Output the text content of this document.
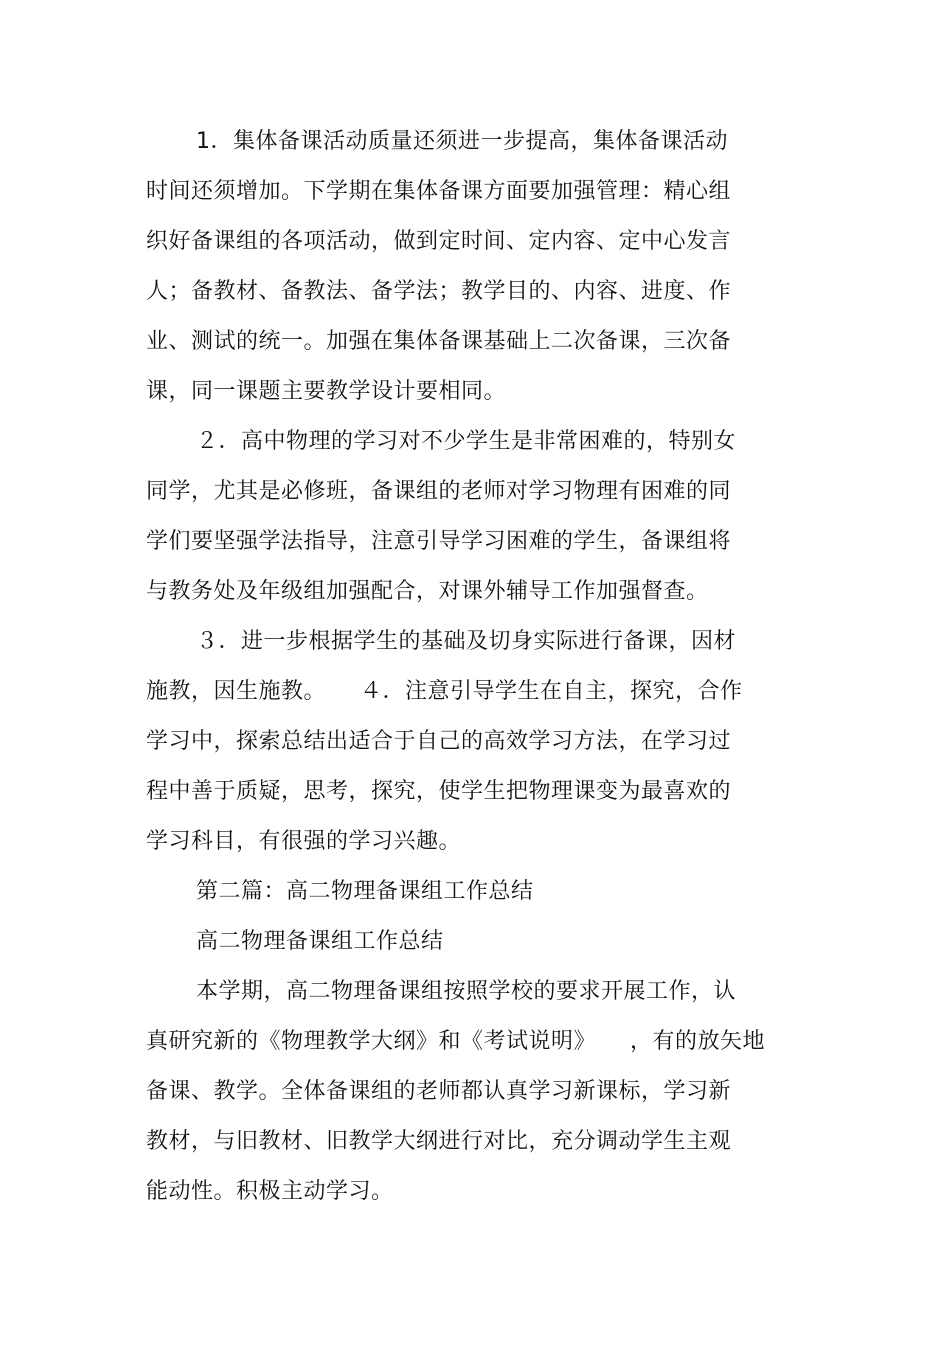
1．集体备课活动质量还须进一步提高，集体备课活动
时间还须增加。下学期在集体备课方面要加强管理：精心组
织好备课组的各项活动，做到定时间、定内容、定中心发言
人；备教材、备教法、备学法；教学目的、内容、进度、作
业、测试的统一。加强在集体备课基础上二次备课，三次备
课，同一课题主要教学设计要相同。
２．高中物理的学习对不少学生是非常困难的，特别女
同学，尤其是必修班，备课组的老师对学习物理有困难的同
学们要坚强学法指导，注意引导学习困难的学生，备课组将
与教务处及年级组加强配合，对课外辅导工作加强督查。
３．进一步根据学生的基础及切身实际进行备课，因材
施教，因生施教。　　４．注意引导学生在自主，探究，合作
学习中，探索总结出适合于自己的高效学习方法，在学习过
程中善于质疑，思考，探究，使学生把物理课变为最喜欢的
学习科目，有很强的学习兴趣。
第二篇：高二物理备课组工作总结
高二物理备课组工作总结
本学期，高二物理备课组按照学校的要求开展工作，认
真研究新的《物理教学大纲》和《考试说明》　　，有的放矢地
备课、教学。全体备课组的老师都认真学习新课标，学习新
教材，与旧教材、旧教学大纲进行对比，充分调动学生主观
能动性。积极主动学习。
